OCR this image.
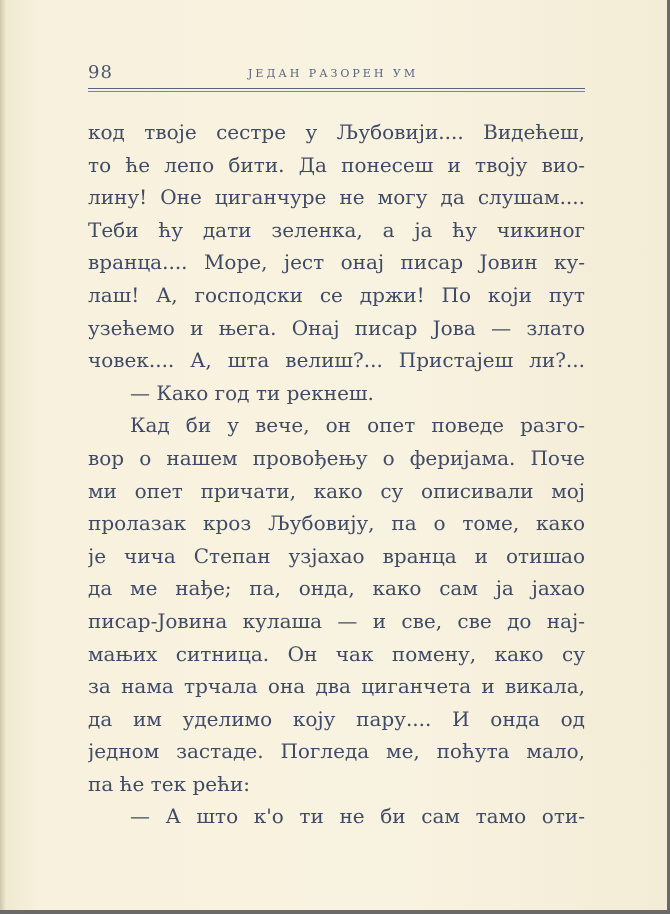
98	ЈЕДАН РАЗОРЕН УМ
код твоје сестре у Љубовији.... Видећеш,
то ће лепо бити. Да понесеш и твоју вио-
лину! Оне циганчуре не могу да слушам....
Теби ћу дати зеленка, а ја ћу чикиног
вранца.... Море, јест онај писар Јовин ку-
лаш! А, господски се држи! По који пут
узећемо и њега. Онај писар Јова — злато
човек.... А, шта велиш?... Пристајеш ли?...
— Како год ти рекнеш.
Кад би у вече, он опет поведе разго-
вор о нашем провођењу о феријама. Поче
ми опет причати, како су описивали мој
пролазак кроз Љубовију, па о томе, како
је чича Степан узјахао вранца и отишао
да ме нађе; па, онда, како сам ја јахао
писар-Јовина кулаша — и све, све до нај-
мањих ситница. Он чак помену, како су
за нама трчала она два циганчета и викала,
да им уделимо коју пару.... И онда од
једном застаде. Погледа ме, поћута мало,
па ће тек рећи:
— А што к'о ти не би сам тамо оти-
